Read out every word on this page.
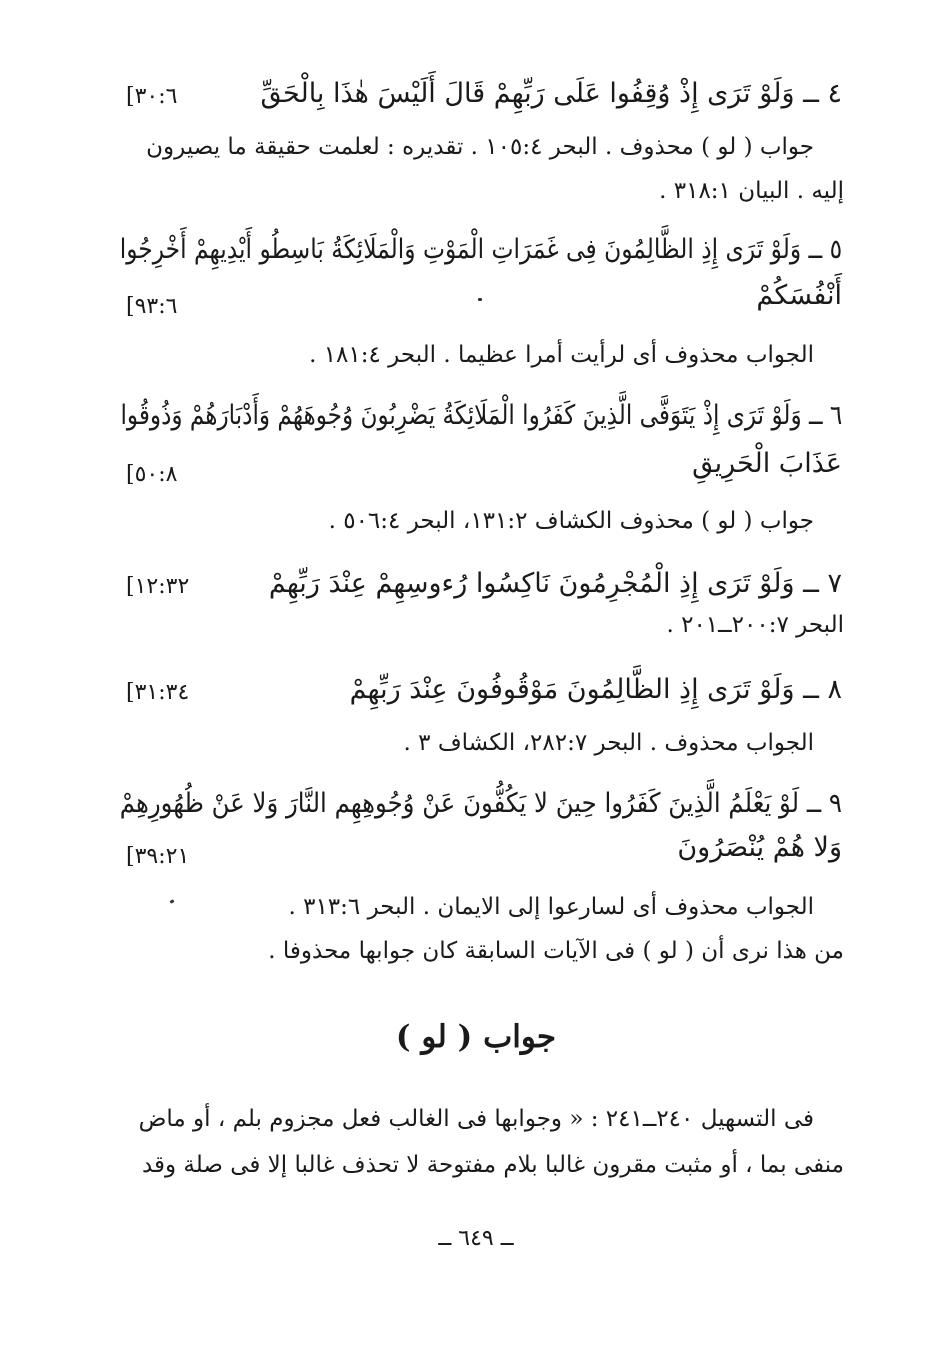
٤ ــ وَلَوْ تَرَى إِذْ وُقِفُوا عَلَى رَبِّهِمْ قَالَ أَلَيْسَ هٰذَا بِالْحَقِّ
[٣٠:٦
جواب ( لو ) محذوف . البحر ١٠٥:٤ . تقديره : لعلمت حقيقة ما يصيرون
إليه . البيان ٣١٨:١ .
٥ ــ وَلَوْ تَرَى إِذِ الظَّالِمُونَ فِى غَمَرَاتِ الْمَوْتِ وَالْمَلَائِكَةُ بَاسِطُو أَيْدِيهِمْ أَخْرِجُوا
أَنْفُسَكُمْ
[٩٣:٦
الجواب محذوف أى لرأيت أمرا عظيما . البحر ١٨١:٤ .
٦ ــ وَلَوْ تَرَى إِذْ يَتَوَفَّى الَّذِينَ كَفَرُوا الْمَلَائِكَةُ يَضْرِبُونَ وُجُوهَهُمْ وَأَدْبَارَهُمْ وَذُوقُوا
عَذَابَ الْحَرِيقِ
[٥٠:٨
جواب ( لو ) محذوف الكشاف ١٣١:٢، البحر ٥٠٦:٤ .
٧ ــ وَلَوْ تَرَى إِذِ الْمُجْرِمُونَ نَاكِسُوا رُءوسِهِمْ عِنْدَ رَبِّهِمْ
[١٢:٣٢
البحر ٢٠٠:٧ــ٢٠١ .
٨ ــ وَلَوْ تَرَى إِذِ الظَّالِمُونَ مَوْقُوفُونَ عِنْدَ رَبِّهِمْ
[٣١:٣٤
الجواب محذوف . البحر ٢٨٢:٧، الكشاف ٣ .
٩ ــ لَوْ يَعْلَمُ الَّذِينَ كَفَرُوا حِينَ لا يَكُفُّونَ عَنْ وُجُوهِهِم النَّارَ وَلا عَنْ ظُهُورِهِمْ
وَلا هُمْ يُنْصَرُونَ
[٣٩:٢١
الجواب محذوف أى لسارعوا إلى الايمان . البحر ٣١٣:٦ .
من هذا نرى أن ( لو ) فى الآيات السابقة كان جوابها محذوفا .
جواب ( لو )
فى التسهيل ٢٤٠ــ٢٤١ : « وجوابها فى الغالب فعل مجزوم بلم ، أو ماض
منفى بما ، أو مثبت مقرون غالبا بلام مفتوحة لا تحذف غالبا إلا فى صلة وقد
ــ ٦٤٩ ــ
